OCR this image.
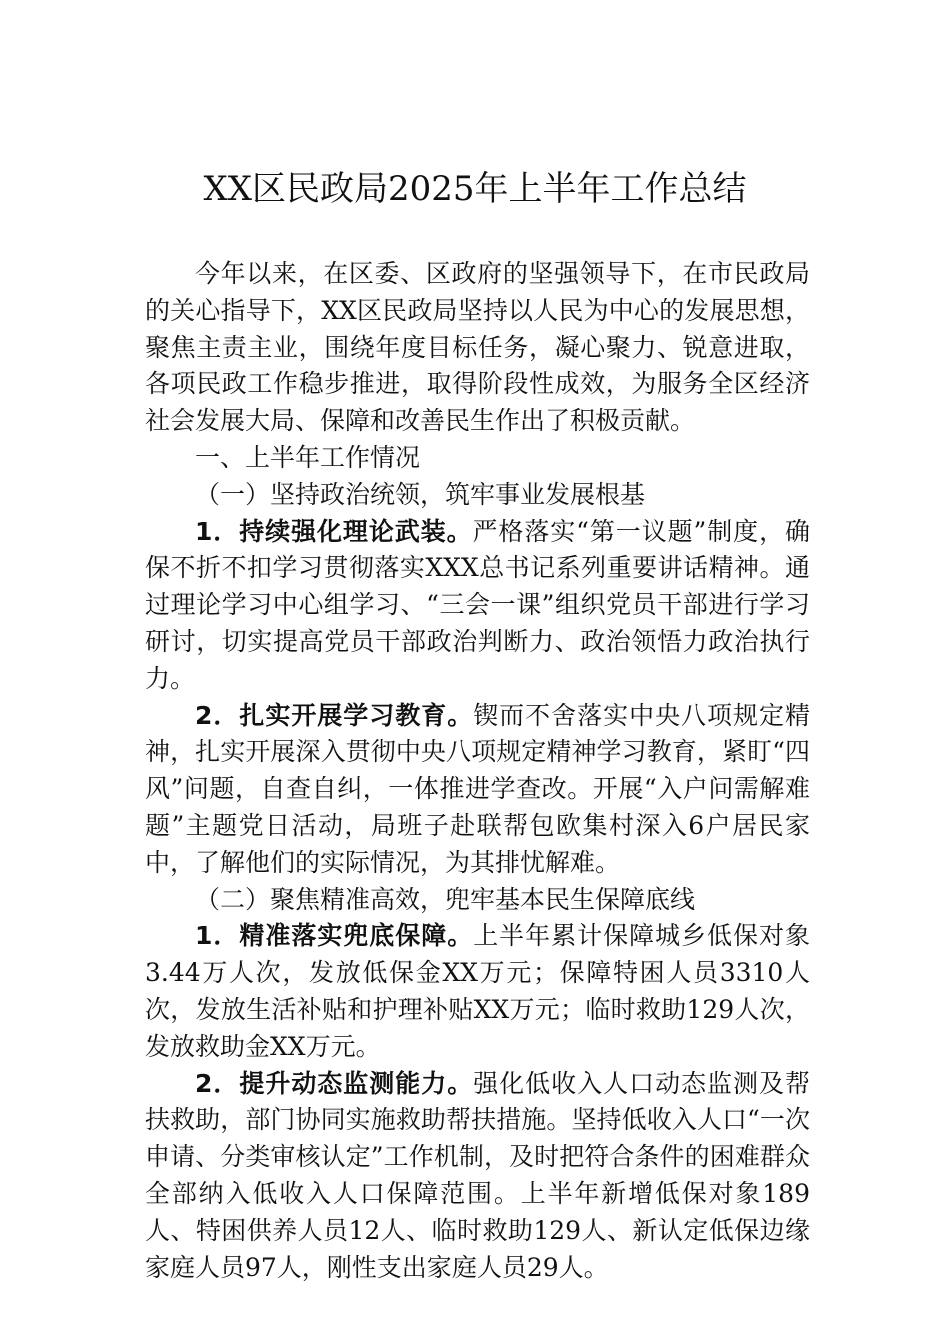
XX区民政局2025年上半年工作总结

今年以来，在区委、区政府的坚强领导下，在市民政局的关心指导下，XX区民政局坚持以人民为中心的发展思想，聚焦主责主业，围绕年度目标任务，凝心聚力、锐意进取，各项民政工作稳步推进，取得阶段性成效，为服务全区经济社会发展大局、保障和改善民生作出了积极贡献。

一、上半年工作情况

（一）坚持政治统领，筑牢事业发展根基

1．持续强化理论武装。严格落实“第一议题”制度，确保不折不扣学习贯彻落实XXX总书记系列重要讲话精神。通过理论学习中心组学习、“三会一课”组织党员干部进行学习研讨，切实提高党员干部政治判断力、政治领悟力政治执行力。

2．扎实开展学习教育。锲而不舍落实中央八项规定精神，扎实开展深入贯彻中央八项规定精神学习教育，紧盯“四风”问题，自查自纠，一体推进学查改。开展“入户问需解难题”主题党日活动，局班子赴联帮包欧集村深入6户居民家中，了解他们的实际情况，为其排忧解难。

（二）聚焦精准高效，兜牢基本民生保障底线

1．精准落实兜底保障。上半年累计保障城乡低保对象3.44万人次，发放低保金XX万元；保障特困人员3310人次，发放生活补贴和护理补贴XX万元；临时救助129人次，发放救助金XX万元。

2．提升动态监测能力。强化低收入人口动态监测及帮扶救助，部门协同实施救助帮扶措施。坚持低收入人口“一次申请、分类审核认定”工作机制，及时把符合条件的困难群众全部纳入低收入人口保障范围。上半年新增低保对象189人、特困供养人员12人、临时救助129人、新认定低保边缘家庭人员97人，刚性支出家庭人员29人。
